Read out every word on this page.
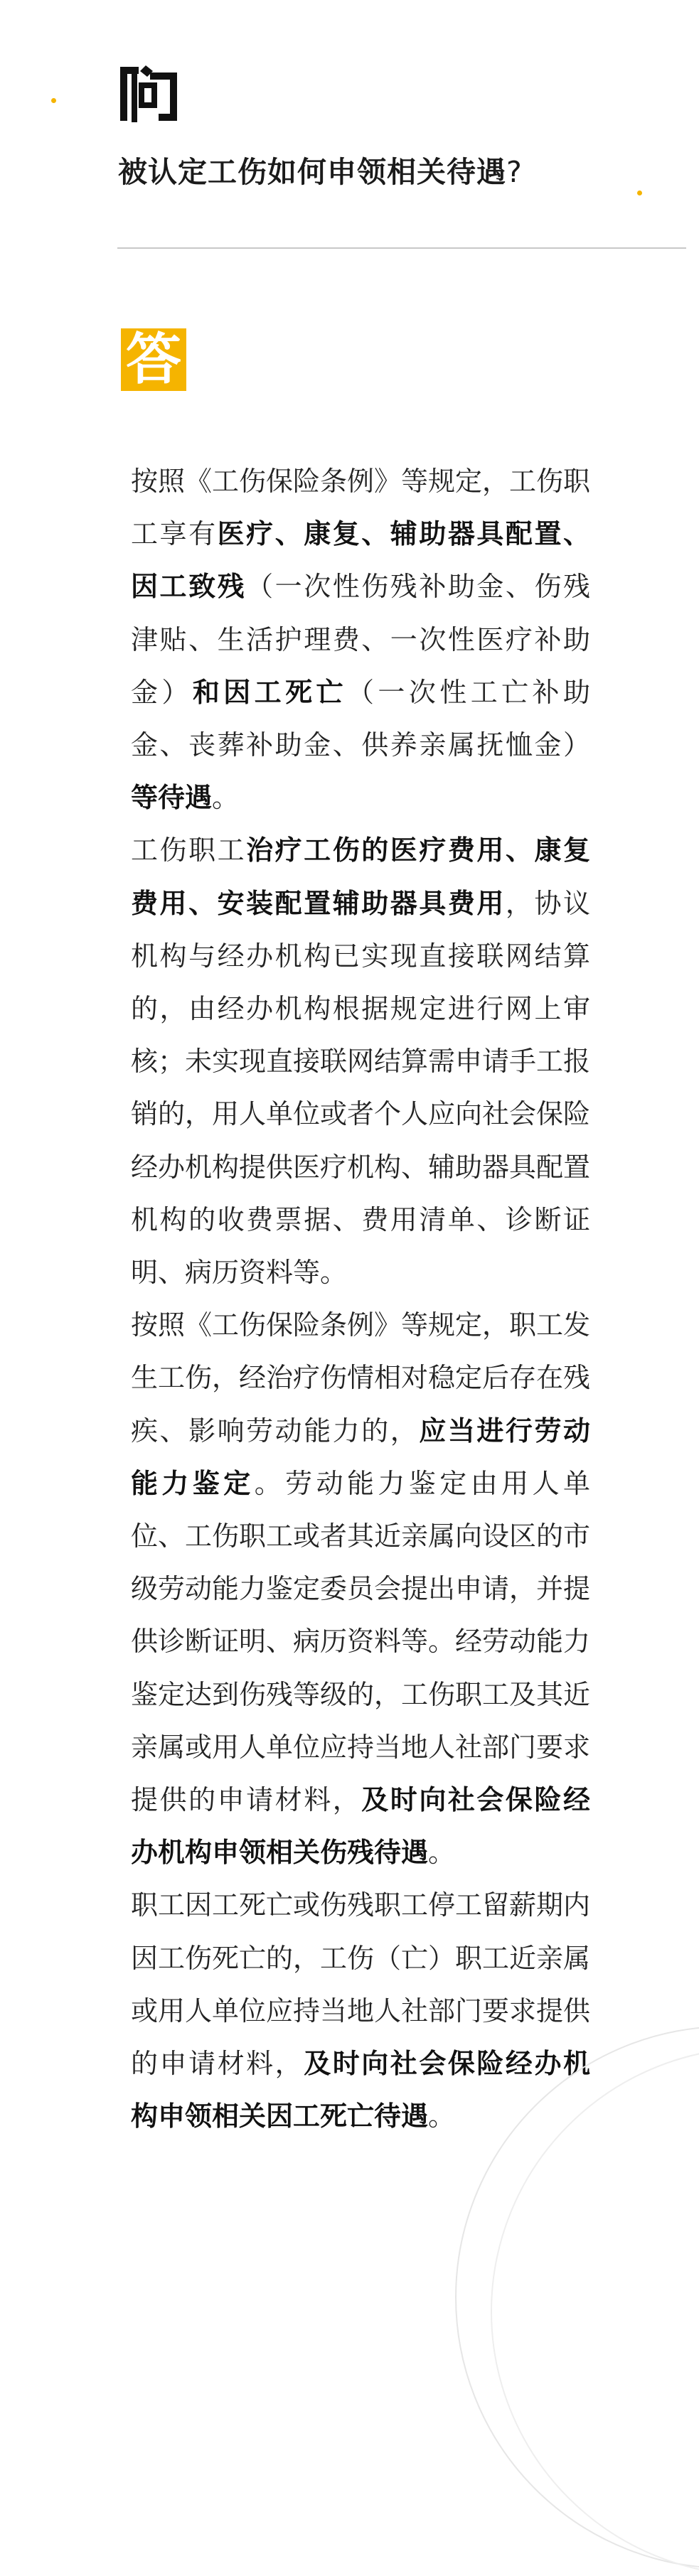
被认定工伤如何申领相关待遇?
答

按照《工伤保险条例》等规定，工伤职工享有医疗、康复、辅助器具配置、因工致残（一次性伤残补助金、伤残津贴、生活护理费、一次性医疗补助金）和因工死亡（一次性工亡补助金、丧葬补助金、供养亲属抚恤金）等待遇。

工伤职工治疗工伤的医疗费用、康复费用、安装配置辅助器具费用，协议机构与经办机构已实现直接联网结算的，由经办机构根据规定进行网上审核；未实现直接联网结算需申请手工报销的，用人单位或者个人应向社会保险经办机构提供医疗机构、辅助器具配置机构的收费票据、费用清单、诊断证明、病历资料等。

按照《工伤保险条例》等规定，职工发生工伤，经治疗伤情相对稳定后存在残疾、影响劳动能力的，应当进行劳动能力鉴定。劳动能力鉴定由用人单位、工伤职工或者其近亲属向设区的市级劳动能力鉴定委员会提出申请，并提供诊断证明、病历资料等。经劳动能力鉴定达到伤残等级的，工伤职工及其近亲属或用人单位应持当地人社部门要求提供的申请材料，及时向社会保险经办机构申领相关伤残待遇。

职工因工死亡或伤残职工停工留薪期内因工伤死亡的，工伤（亡）职工近亲属或用人单位应持当地人社部门要求提供的申请材料，及时向社会保险经办机构申领相关因工死亡待遇。
